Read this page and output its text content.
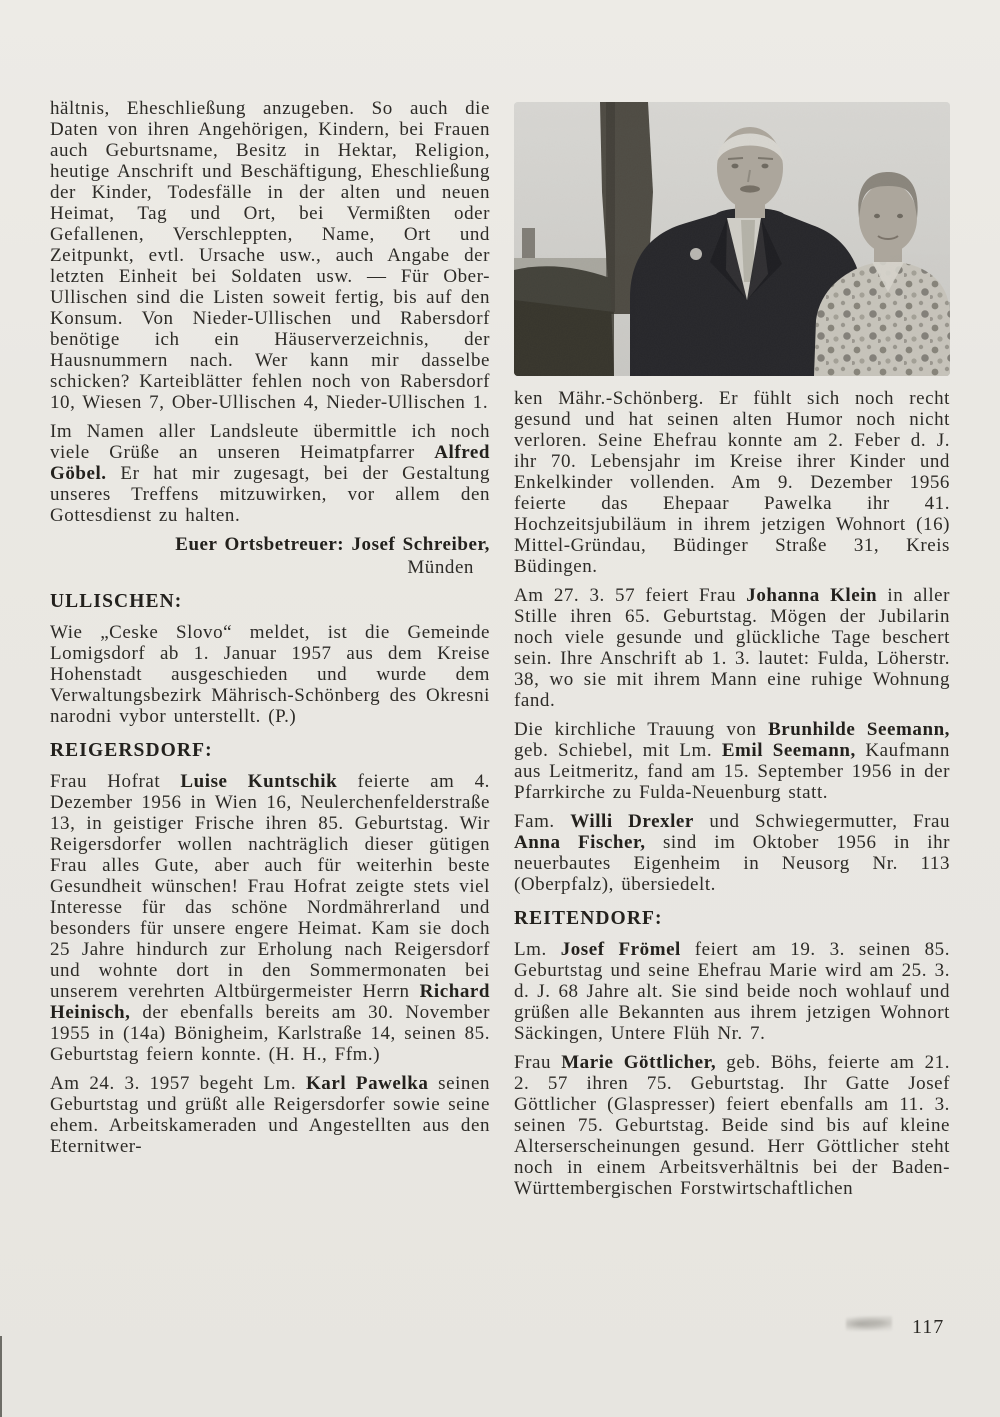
hältnis, Eheschließung anzugeben. So auch die Daten von ihren Angehörigen, Kindern, bei Frauen auch Geburtsname, Besitz in Hektar, Religion, heutige Anschrift und Beschäftigung, Eheschließung der Kinder, Todesfälle in der alten und neuen Heimat, Tag und Ort, bei Vermißten oder Gefallenen, Verschleppten, Name, Ort und Zeitpunkt, evtl. Ursache usw., auch Angabe der letzten Einheit bei Soldaten usw. — Für Ober-Ullischen sind die Listen soweit fertig, bis auf den Konsum. Von Nieder-Ullischen und Rabersdorf benötige ich ein Häuserverzeichnis, der Hausnummern nach. Wer kann mir dasselbe schicken? Karteiblätter fehlen noch von Rabersdorf 10, Wiesen 7, Ober-Ullischen 4, Nieder-Ullischen 1.

Im Namen aller Landsleute übermittle ich noch viele Grüße an unseren Heimatpfarrer Alfred Göbel. Er hat mir zugesagt, bei der Gestaltung unseres Treffens mitzuwirken, vor allem den Gottesdienst zu halten.

Euer Ortsbetreuer: Josef Schreiber,

Münden

ULLISCHEN:

Wie „Ceske Slovo“ meldet, ist die Gemeinde Lomigsdorf ab 1. Januar 1957 aus dem Kreise Hohenstadt ausgeschieden und wurde dem Verwaltungsbezirk Mährisch-Schönberg des Okresni narodni vybor unterstellt. (P.)

REIGERSDORF:

Frau Hofrat Luise Kuntschik feierte am 4. Dezember 1956 in Wien 16, Neulerchenfelderstraße 13, in geistiger Frische ihren 85. Geburtstag. Wir Reigersdorfer wollen nachträglich dieser gütigen Frau alles Gute, aber auch für weiterhin beste Gesundheit wünschen! Frau Hofrat zeigte stets viel Interesse für das schöne Nordmährerland und besonders für unsere engere Heimat. Kam sie doch 25 Jahre hindurch zur Erholung nach Reigersdorf und wohnte dort in den Sommermonaten bei unserem verehrten Altbürgermeister Herrn Richard Heinisch, der ebenfalls bereits am 30. November 1955 in (14a) Bönigheim, Karlstraße 14, seinen 85. Geburtstag feiern konnte. (H. H., Ffm.)

Am 24. 3. 1957 begeht Lm. Karl Pawelka seinen Geburtstag und grüßt alle Reigersdorfer sowie seine ehem. Arbeitskameraden und Angestellten aus den Eternitwer-

ken Mähr.-Schönberg. Er fühlt sich noch recht gesund und hat seinen alten Humor noch nicht verloren. Seine Ehefrau konnte am 2. Feber d. J. ihr 70. Lebensjahr im Kreise ihrer Kinder und Enkelkinder vollenden. Am 9. Dezember 1956 feierte das Ehepaar Pawelka ihr 41. Hochzeitsjubiläum in ihrem jetzigen Wohnort (16) Mittel-Gründau, Büdinger Straße 31, Kreis Büdingen.

Am 27. 3. 57 feiert Frau Johanna Klein in aller Stille ihren 65. Geburtstag. Mögen der Jubilarin noch viele gesunde und glückliche Tage beschert sein. Ihre Anschrift ab 1. 3. lautet: Fulda, Löherstr. 38, wo sie mit ihrem Mann eine ruhige Wohnung fand.

Die kirchliche Trauung von Brunhilde Seemann, geb. Schiebel, mit Lm. Emil Seemann, Kaufmann aus Leitmeritz, fand am 15. September 1956 in der Pfarrkirche zu Fulda-Neuenburg statt.

Fam. Willi Drexler und Schwiegermutter, Frau Anna Fischer, sind im Oktober 1956 in ihr neuerbautes Eigenheim in Neusorg Nr. 113 (Oberpfalz), übersiedelt.

REITENDORF:

Lm. Josef Frömel feiert am 19. 3. seinen 85. Geburtstag und seine Ehefrau Marie wird am 25. 3. d. J. 68 Jahre alt. Sie sind beide noch wohlauf und grüßen alle Bekannten aus ihrem jetzigen Wohnort Säckingen, Untere Flüh Nr. 7.

Frau Marie Göttlicher, geb. Böhs, feierte am 21. 2. 57 ihren 75. Geburtstag. Ihr Gatte Josef Göttlicher (Glaspresser) feiert ebenfalls am 11. 3. seinen 75. Geburtstag. Beide sind bis auf kleine Alterserscheinungen gesund. Herr Göttlicher steht noch in einem Arbeitsverhältnis bei der Baden-Württembergischen Forstwirtschaftlichen

117
